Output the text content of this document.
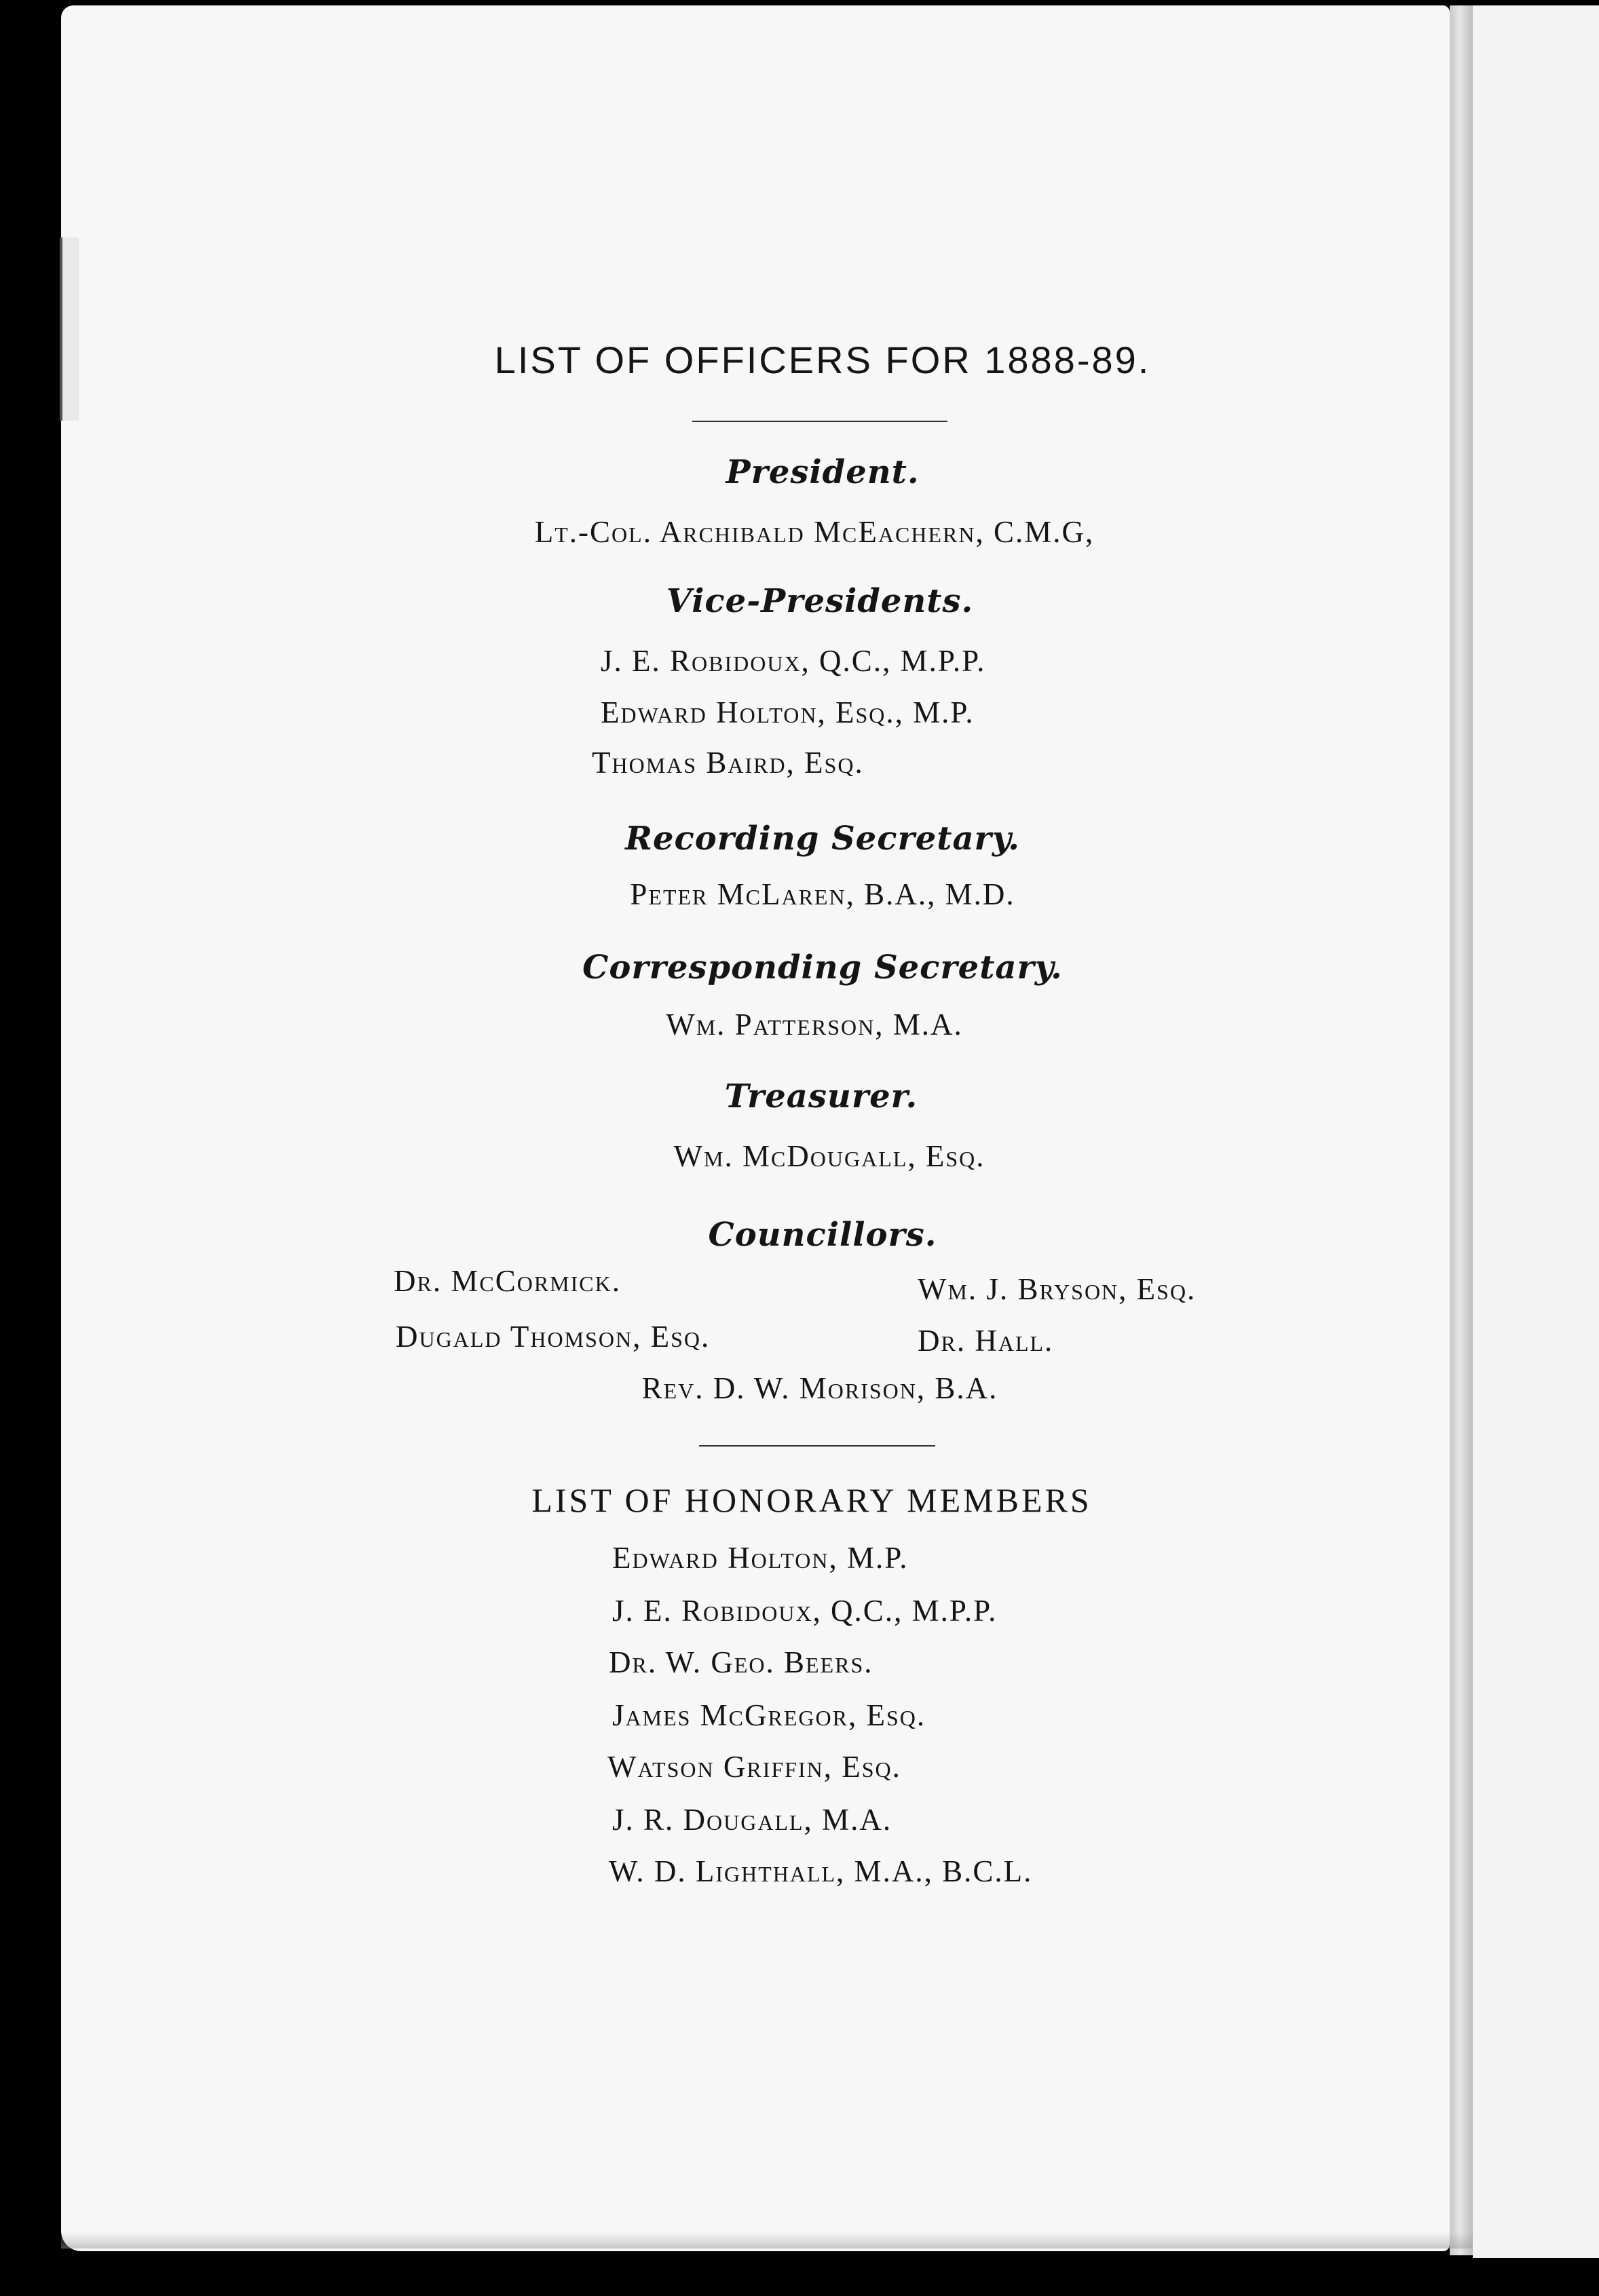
LIST OF OFFICERS FOR 1888-89.
President.
Lt.-Col. Archibald McEachern, C.M.G,
Vice-Presidents.
J. E. Robidoux, Q.C., M.P.P.
Edward Holton, Esq., M.P.
Thomas Baird, Esq.
Recording Secretary.
Peter McLaren, B.A., M.D.
Corresponding Secretary.
Wm. Patterson, M.A.
Treasurer.
Wm. McDougall, Esq.
Councillors.
Dr. McCormick.	Wm. J. Bryson, Esq.
Dugald Thomson, Esq.	Dr. Hall.
Rev. D. W. Morison, B.A.
LIST OF HONORARY MEMBERS
Edward Holton, M.P.
J. E. Robidoux, Q.C., M.P.P.
Dr. W. Geo. Beers.
James McGregor, Esq.
Watson Griffin, Esq.
J. R. Dougall, M.A.
W. D. Lighthall, M.A., B.C.L.
